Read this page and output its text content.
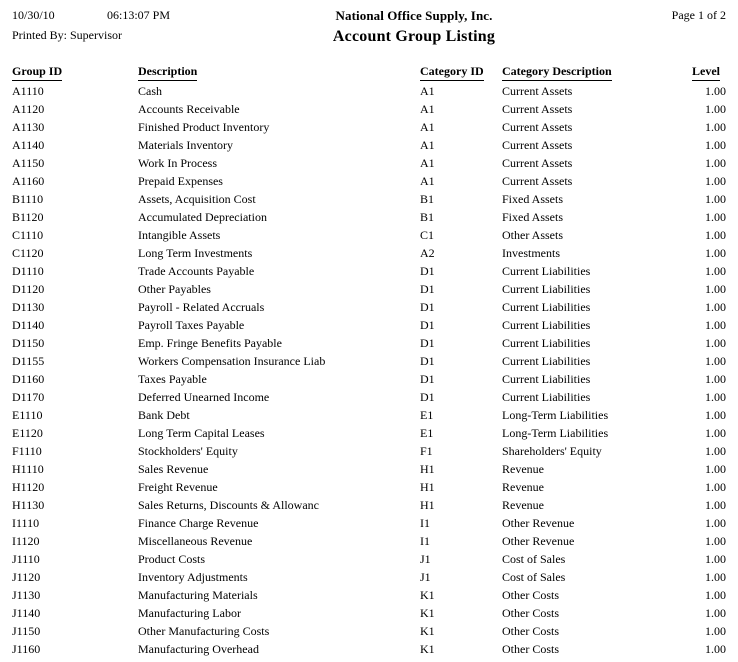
10/30/10	06:13:07 PM	National Office Supply, Inc.	Page 1 of 2
Printed By: Supervisor	Account Group Listing
Group ID	Description	Category ID	Category Description	Level
A1110	Cash	A1	Current Assets	1.00
A1120	Accounts Receivable	A1	Current Assets	1.00
A1130	Finished Product Inventory	A1	Current Assets	1.00
A1140	Materials Inventory	A1	Current Assets	1.00
A1150	Work In Process	A1	Current Assets	1.00
A1160	Prepaid Expenses	A1	Current Assets	1.00
B1110	Assets, Acquisition Cost	B1	Fixed Assets	1.00
B1120	Accumulated Depreciation	B1	Fixed Assets	1.00
C1110	Intangible Assets	C1	Other Assets	1.00
C1120	Long Term Investments	A2	Investments	1.00
D1110	Trade Accounts Payable	D1	Current Liabilities	1.00
D1120	Other Payables	D1	Current Liabilities	1.00
D1130	Payroll - Related Accruals	D1	Current Liabilities	1.00
D1140	Payroll Taxes Payable	D1	Current Liabilities	1.00
D1150	Emp. Fringe Benefits Payable	D1	Current Liabilities	1.00
D1155	Workers Compensation Insurance Liab	D1	Current Liabilities	1.00
D1160	Taxes Payable	D1	Current Liabilities	1.00
D1170	Deferred Unearned Income	D1	Current Liabilities	1.00
E1110	Bank Debt	E1	Long-Term Liabilities	1.00
E1120	Long Term Capital Leases	E1	Long-Term Liabilities	1.00
F1110	Stockholders' Equity	F1	Shareholders' Equity	1.00
H1110	Sales Revenue	H1	Revenue	1.00
H1120	Freight Revenue	H1	Revenue	1.00
H1130	Sales Returns, Discounts & Allowanc	H1	Revenue	1.00
I1110	Finance Charge Revenue	I1	Other Revenue	1.00
I1120	Miscellaneous Revenue	I1	Other Revenue	1.00
J1110	Product Costs	J1	Cost of Sales	1.00
J1120	Inventory Adjustments	J1	Cost of Sales	1.00
J1130	Manufacturing Materials	K1	Other Costs	1.00
J1140	Manufacturing Labor	K1	Other Costs	1.00
J1150	Other Manufacturing Costs	K1	Other Costs	1.00
J1160	Manufacturing Overhead	K1	Other Costs	1.00
